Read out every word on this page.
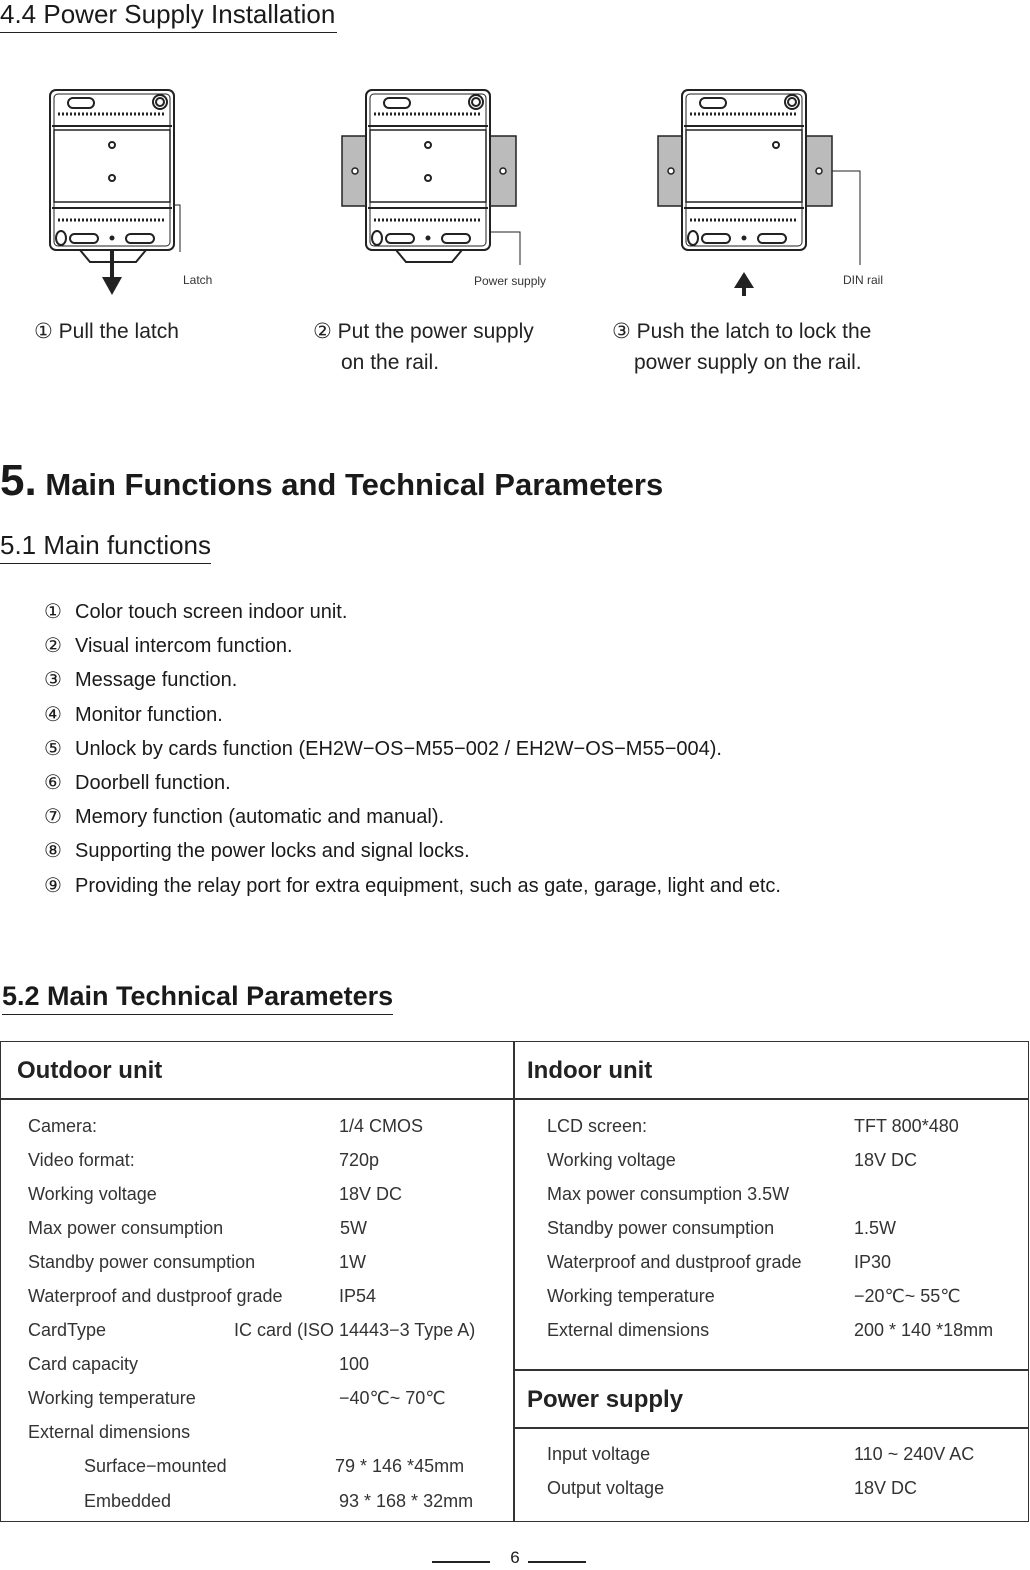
4.4 Power Supply Installation
Latch	Power supply	DIN rail
① Pull the latch	② Put the power supply
on the rail.
③ Push the latch to lock the
power supply on the rail.
5. Main Functions and Technical Parameters
5.1 Main functions
① Color touch screen indoor unit.
② Visual intercom function.
③ Message function.
④ Monitor function.
⑤ Unlock by cards function (EH2W−OS−M55−002 / EH2W−OS−M55−004).
⑥ Doorbell function.
⑦ Memory function (automatic and manual).
⑧ Supporting the power locks and signal locks.
⑨ Providing the relay port for extra equipment, such as gate, garage, light and etc.
5.2 Main Technical Parameters
Outdoor unit	Indoor unit
Power supply
Camera:	1/4 CMOS
Video format:	720p
Working voltage	18V DC
Max power consumption	5W
Standby power consumption	1W
Waterproof and dustproof grade	IP54
CardType	IC card (ISO 14443−3 Type A)
Card capacity	100
Working temperature	−40℃~ 70℃
External dimensions
Surface−mounted	79 * 146 *45mm
Embedded	93 * 168 * 32mm
LCD screen:	TFT 800*480
Working voltage	18V DC
Max power consumption 3.5W
Standby power consumption	1.5W
Waterproof and dustproof grade	IP30
Working temperature	−20℃~ 55℃
External dimensions	200 * 140 *18mm
Input voltage	110 ~ 240V AC
Output voltage	18V DC
6
